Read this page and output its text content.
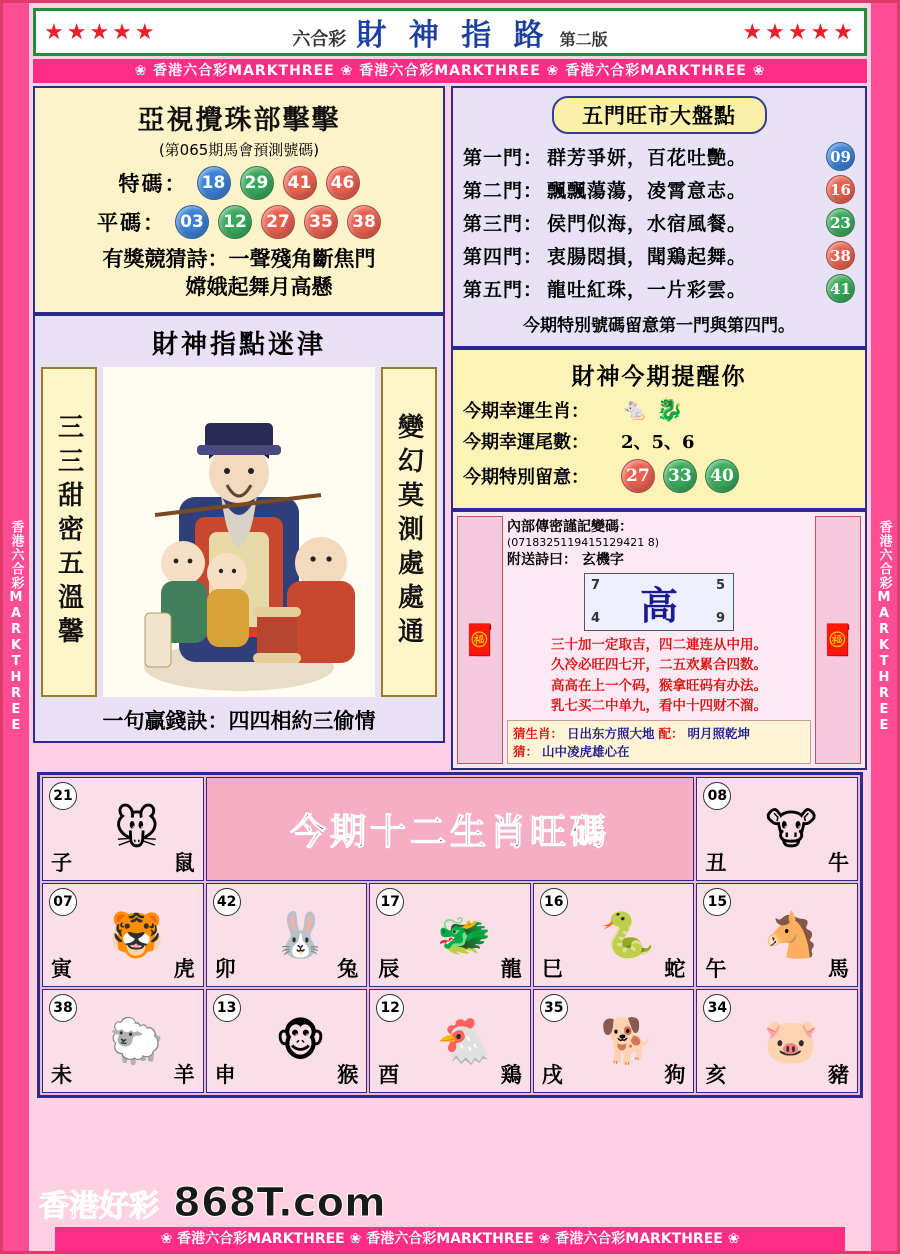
香港六合彩MARKTHREE	香港六合彩MARKTHREE
★★★★★	六合彩 財 神 指 路 第二版	★★★★★
❀ 香港六合彩MARKTHREE ❀ 香港六合彩MARKTHREE ❀ 香港六合彩MARKTHREE ❀
亞視攪珠部擊擊
(第065期馬會預測號碼)
特碼： 18	29	41	46
平碼： 03	12	27	35	38
有獎競猜詩：一聲殘角斷焦門
嫦娥起舞月高懸
財神指點迷津
三三甜密五溫馨	變幻莫測處處通
一句贏錢訣：四四相約三偷情
五門旺市大盤點
第一門： 群芳爭妍，百花吐艷。	09
第二門： 飄飄蕩蕩，凌霄意志。	16
第三門： 侯門似海，水宿風餐。	23
第四門： 衷腸悶損，聞鶏起舞。	38
第五門： 龍吐紅珠，一片彩雲。	41
今期特別號碼留意第一門與第四門。
財神今期提醒你
今期幸運生肖：	🐁 🐉
今期幸運尾數：	2、5、6
今期特別留意：	27	33	40
🧧
內部傳密謹記變碼：
(0718325119415129421 8)
附送詩曰： 玄機字
7	5
4	9
高
三十加一定取吉，四二連连从中用。
久冷必旺四七开，二五欢累合四数。
高高在上一个码，猴拿旺码有办法。
乳七买二中单九，看中十四财不溜。
猜生肖： 日出东方照大地 配： 明月照乾坤
猜： 山中凌虎雄心在
🧧
21
🐭
子	鼠
今期十二生肖旺碼
08
🐮
丑	牛
07
🐯
寅	虎
42
🐰
卯	兔
17
🐲
辰	龍
16
🐍
巳	蛇
15
🐴
午	馬
38
🐑
未	羊
13
🐵
申	猴
12
🐔
酉	鶏
35
🐕
戌	狗
34
🐷
亥	豬
香港好彩 868T.com
❀ 香港六合彩MARKTHREE ❀ 香港六合彩MARKTHREE ❀ 香港六合彩MARKTHREE ❀
